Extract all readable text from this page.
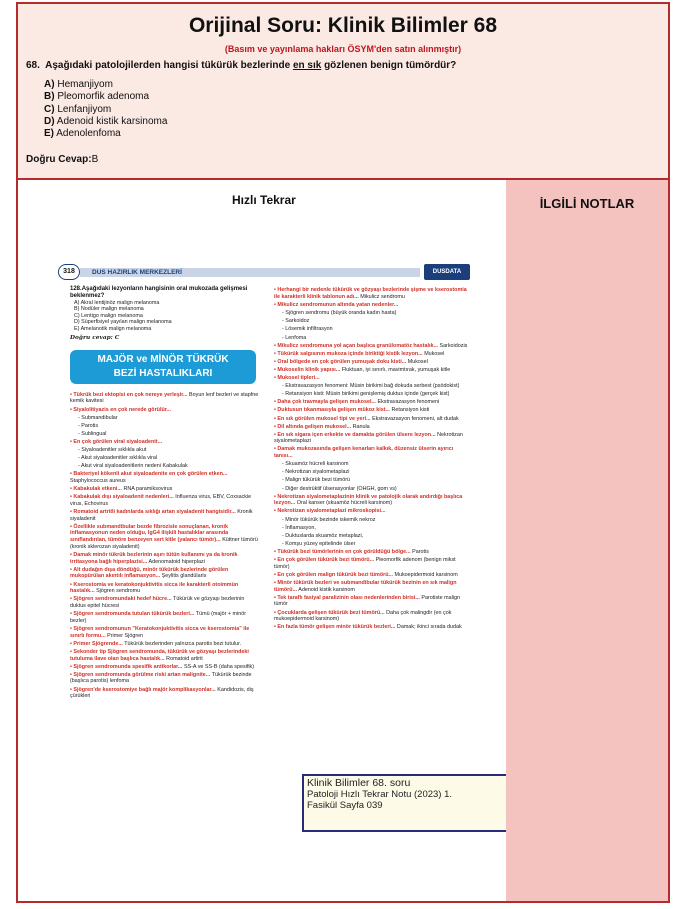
Orijinal Soru: Klinik Bilimler 68
(Basım ve yayınlama hakları ÖSYM'den satın alınmıştır)
68. Aşağıdaki patolojilerden hangisi tükürük bezlerinde en sık gözlenen benign tümördür?
A) Hemanjiyom
B) Pleomorfik adenoma
C) Lenfanjiyom
D) Adenoid kistik karsinoma
E) Adenolenfoma
Doğru Cevap:B
Hızlı Tekrar
DUS HAZIRLIK MERKEZLERİ
318	DUSDATA
128.Aşağıdaki lezyonların hangisinin oral mukozada gelişmesi beklenmez?
A) Akral lentijinöz malign melanoma
B) Nodüler malign melanoma
C) Lentigo malign melanoma
D) Süperfisiyel yayılan malign melanoma
E) Amelanotik malign melanoma
Doğru cevap: C
MAJÖR ve MİNÖR TÜKRÜK
BEZİ HASTALIKLARI
• Tükrük bezi ektopisi en çok nereye yerleşir... Boyun lenf bezleri ve stapfne kemik kavitesi
• Siyalolitiyazis en çok nerede görülür...
- Submandibular
- Parotis
- Sublingual
• En çok görülen viral siyaloadenit...
- Siyaloadenitler sıklıkla akut
- Akut siyaloadenitler sıklıkla viral
- Akut viral siyaloadenitlerin nedeni Kabakulak
• Bakteriyel kökenli akut siyaloadenite en çok görülen etken... Staphylococcus aureus
• Kabakulak etkeni... RNA paramiksovirus
• Kabakulak dışı siyaloadenit nedenleri... Influenza virus, EBV, Coxsackie virus, Echovirus
• Romatoid artritli kadınlarda sıklığı artan siyaladenit hangisidir... Kronik siyaladenit
• Özellikle submandibular bezde fibrozisle sonuçlanan, kronik inflamasyonun neden olduğu, IgG4 ilişkili hastalıklar arasında sınıflandırılan, tümöre benzeyen sert kitle (yalancı tümör)... Küttner tümörü (kronik sklerozan siyaladenit)
• Damak minör tükrük bezlerinin aşırı tütün kullanımı ya da kronik irritasyona bağlı hiperplazisi... Adenomatoid hiperplazi
• Alt dudağın dışa döndüğü, minör tükürük bezlerinde görülen mukopürülan akıntılı inflamasyon... Şeylitis glandülaris
• Kserostomia ve keratokonjuktivitis sicca ile karakterli otoimmün hastalık... Sjögren sendromu
• Sjögren sendromundaki hedef hücre... Tükürük ve gözyaşı bezlerinin duktus epitel hücresi
• Sjögren sendromunda tutulan tükürük bezleri... Tümü (majör + minör bezler)
• Sjögren sendromunun "Keratokonjuktivitis sicca ve kserostomia" ile sınırlı formu... Primer Sjögren
• Primer Sjögrende... Tükürük bezlerinden yalnızca parotis bezi tutulur.
• Sekonder tip Sjögren sendromunda, tükürük ve gözyaşı bezlerindeki tutuluma ilave olan başlıca hastalık... Romatoid artirit
• Sjögren sendromunda spesifik antikorlar... SS-A ve SS-B (daha spesifik)
• Sjögren sendromunda görülme riski artan malignite... Tükürük bezinde (başlıca parotis) lenfoma
• Sjögren'de kserostomiye bağlı majör komplikasyonlar... Kandidozis, diş çürükleri
• Herhangi bir nedenle tükürük ve gözyaşı bezlerinde şişme ve kserostomia ile karakterli klinik tablonun adı... Mikulicz sendromu
• Mikulicz sendromunun altında yatan nedenler...
- Sjögren sendromu (büyük oranda kadın hasta)
- Sarkoidoz
- Lösemik infiltrasyon
- Lenfoma
• Mikulicz sendromuna yol açan başlıca granülomatöz hastalık... Sarkoidozis
• Tükürük salgısının mukoza içinde biriktiği kistik lezyon... Mukosel
• Oral bölgede en çok görülen yumuşak doku kisti... Mukosel
• Mukoselin klinik yapısı... Fluktuan, iyi sınırlı, mavimtırak, yumuşak kitle
• Mukosel tipleri...
- Ekstravazasyon fenomeni: Müsin birikimi bağ dokuda serbest (psödokist)
- Retansiyon kisti: Müsin birikimi genişlemiş duktus içinde (gerçek kist)
• Daha çok travmayla gelişen mukosel... Ekstravazasyon fenomeni
• Duktusun tıkanmasıyla gelişen mükoz kist... Retansiyon kisti
• En sık görülen mukosel tipi ve yeri... Ekstravazasyon fenomeni, alt dudak
• Dil altında gelişen mukosel... Ranula
• En sık sigara içen erkekte ve damakta görülen ülsere lezyon... Nekrotizan siyalometaplazi
• Damak mukozasında gelişen kenarları kalkık, düzensiz ülserin ayırıcı tanısı...
- Skuamöz hücreli karsinom
- Nekrotizan siyalometaplazi
- Malign tükürük bezi tümörü
- Diğer destrüktif ülserasyonlar (OHGH, gom vs)
• Nekrotizan siyalometaplazinin klinik ve patolojik olarak andırdığı başlıca lezyon... Oral kanser (skuamöz hücreli karsinom)
• Nekrotizan siyalometaplazi mikroskopisi...
- Minör tükürük bezinde iskemik nekroz
- İnflamasyon,
- Duktuslarda skuamöz metaplazi,
- Komşu yüzey epitelinde ülser
• Tükürük bezi tümörlerinin en çok görüldüğü bölge... Parotis
• En çok görülen tükürük bezi tümörü... Pleomorfik adenom (benign mikst tümör)
• En çok görülen malign tükürük bezi tümörü... Mukoepidermoid karsinom
• Minör tükürük bezleri ve submandibular tükürük bezinin en sık malign tümörü... Adenoid kistik karsinom
• Tek taraflı fasiyal paralizinin olası nedenlerinden birisi... Parotiste malign tümör
• Çocuklarda gelişen tükürük bezi tümörü... Daha çok malingdir (en çok mukoepidermoid karsinom)
• En fazla tümör gelişen minör tükürük bezleri... Damak; ikinci sırada dudak
Klinik Bilimler 68. soru
Patoloji Hızlı Tekrar Notu (2023) 1.
Fasikül Sayfa 039
İLGİLİ NOTLAR
